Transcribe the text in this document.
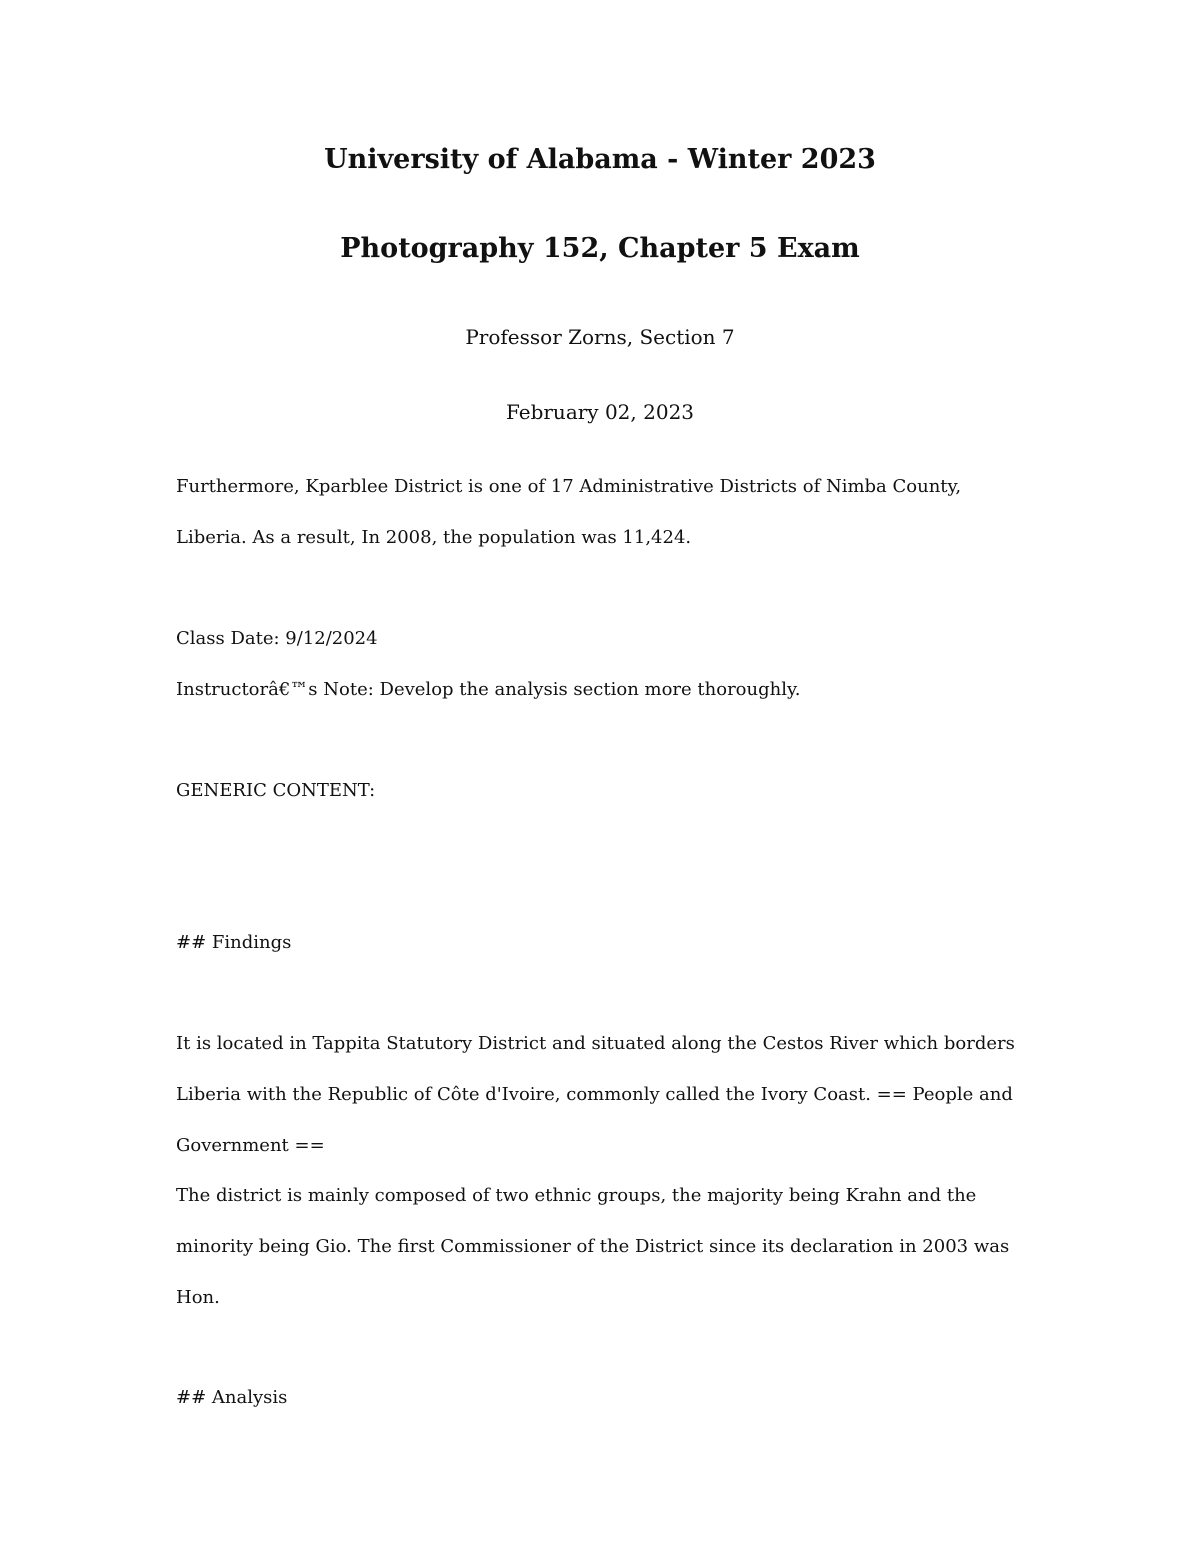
University of Alabama - Winter 2023
Photography 152, Chapter 5 Exam
Professor Zorns, Section 7
February 02, 2023
Furthermore, Kparblee District is one of 17 Administrative Districts of Nimba County,
Liberia. As a result, In 2008, the population was 11,424.
Class Date: 9/12/2024
Instructorâ€™s Note: Develop the analysis section more thoroughly.
GENERIC CONTENT:
## Findings
It is located in Tappita Statutory District and situated along the Cestos River which borders
Liberia with the Republic of Côte d'Ivoire, commonly called the Ivory Coast. == People and
Government ==
The district is mainly composed of two ethnic groups, the majority being Krahn and the
minority being Gio. The first Commissioner of the District since its declaration in 2003 was
Hon.
## Analysis
